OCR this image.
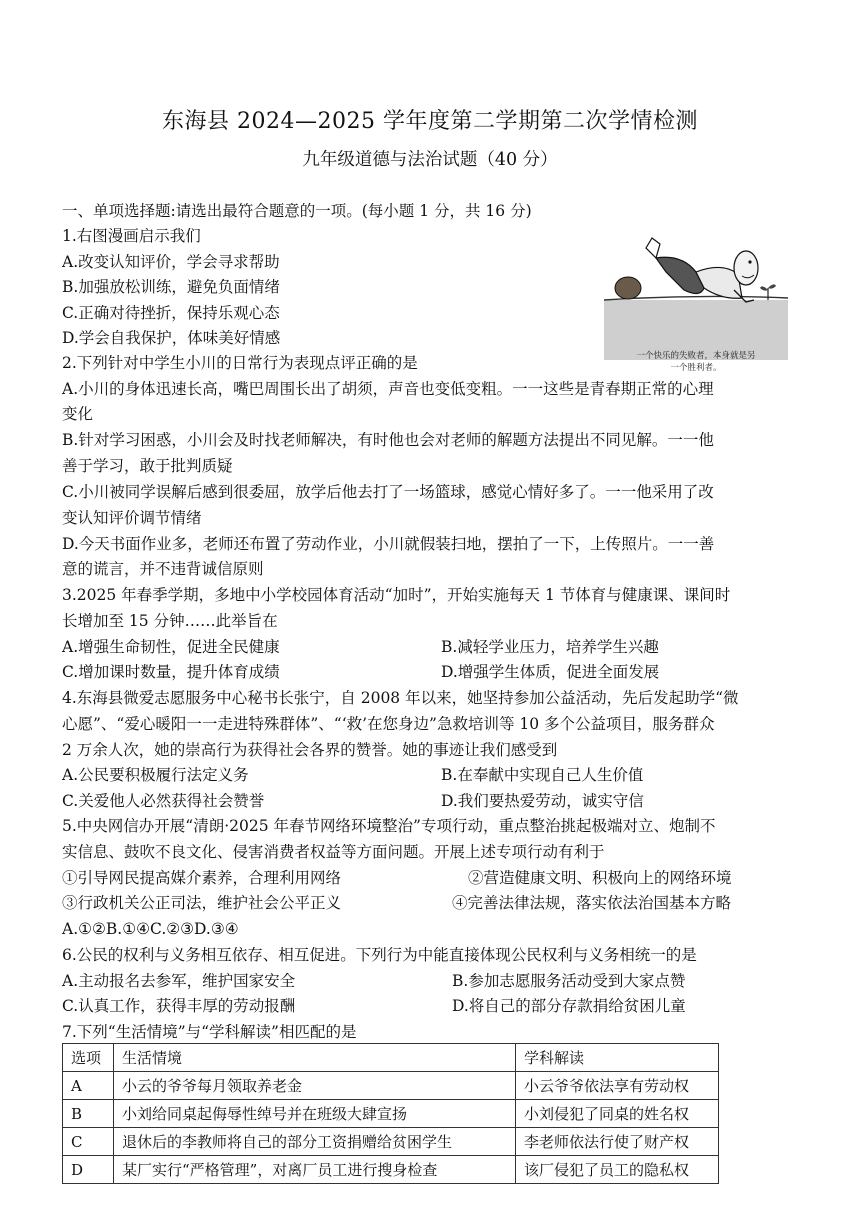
东海县 2024—2025 学年度第二学期第二次学情检测
九年级道德与法治试题（40 分）
一、单项选择题:请选出最符合题意的一项。(每小题 1 分，共 16 分)
1.右图漫画启示我们
A.改变认知评价，学会寻求帮助
B.加强放松训练，避免负面情绪
C.正确对待挫折，保持乐观心态
D.学会自我保护，体味美好情感
一个快乐的失败者，本身就是另
一个胜利者。
2.下列针对中学生小川的日常行为表现点评正确的是
A.小川的身体迅速长高，嘴巴周围长出了胡须，声音也变低变粗。一一这些是青春期正常的心理
变化
B.针对学习困惑，小川会及时找老师解决，有时他也会对老师的解题方法提出不同见解。一一他
善于学习，敢于批判质疑
C.小川被同学误解后感到很委屈，放学后他去打了一场篮球，感觉心情好多了。一一他采用了改
变认知评价调节情绪
D.今天书面作业多，老师还布置了劳动作业，小川就假装扫地，摆拍了一下，上传照片。一一善
意的谎言，并不违背诚信原则
3.2025 年春季学期，多地中小学校园体育活动“加时”，开始实施每天 1 节体育与健康课、课间时
长增加至 15 分钟……此举旨在
A.增强生命韧性，促进全民健康	B.减轻学业压力，培养学生兴趣
C.增加课时数量，提升体育成绩	D.增强学生体质，促进全面发展
4.东海县微爱志愿服务中心秘书长张宁，自 2008 年以来，她坚持参加公益活动，先后发起助学“微
心愿”、“爱心暖阳一一走进特殊群体”、“‘救’在您身边”急救培训等 10 多个公益项目，服务群众
2 万余人次，她的崇高行为获得社会各界的赞誉。她的事迹让我们感受到
A.公民要积极履行法定义务	B.在奉献中实现自己人生价值
C.关爱他人必然获得社会赞誉	D.我们要热爱劳动，诚实守信
5.中央网信办开展“清朗·2025 年春节网络环境整治”专项行动，重点整治挑起极端对立、炮制不
实信息、鼓吹不良文化、侵害消费者权益等方面问题。开展上述专项行动有利于
①引导网民提高媒介素养，合理利用网络	②营造健康文明、积极向上的网络环境
③行政机关公正司法，维护社会公平正义	④完善法律法规，落实依法治国基本方略
A.①②B.①④C.②③D.③④
6.公民的权利与义务相互依存、相互促进。下列行为中能直接体现公民权利与义务相统一的是
A.主动报名去参军，维护国家安全	B.参加志愿服务活动受到大家点赞
C.认真工作，获得丰厚的劳动报酬	D.将自己的部分存款捐给贫困儿童
7.下列“生活情境”与“学科解读”相匹配的是
选项	生活情境	学科解读
A	小云的爷爷每月领取养老金	小云爷爷依法享有劳动权
B	小刘给同桌起侮辱性绰号并在班级大肆宣扬	小刘侵犯了同桌的姓名权
C	退休后的李教师将自己的部分工资捐赠给贫困学生	李老师依法行使了财产权
D	某厂实行“严格管理”，对离厂员工进行搜身检查	该厂侵犯了员工的隐私权
